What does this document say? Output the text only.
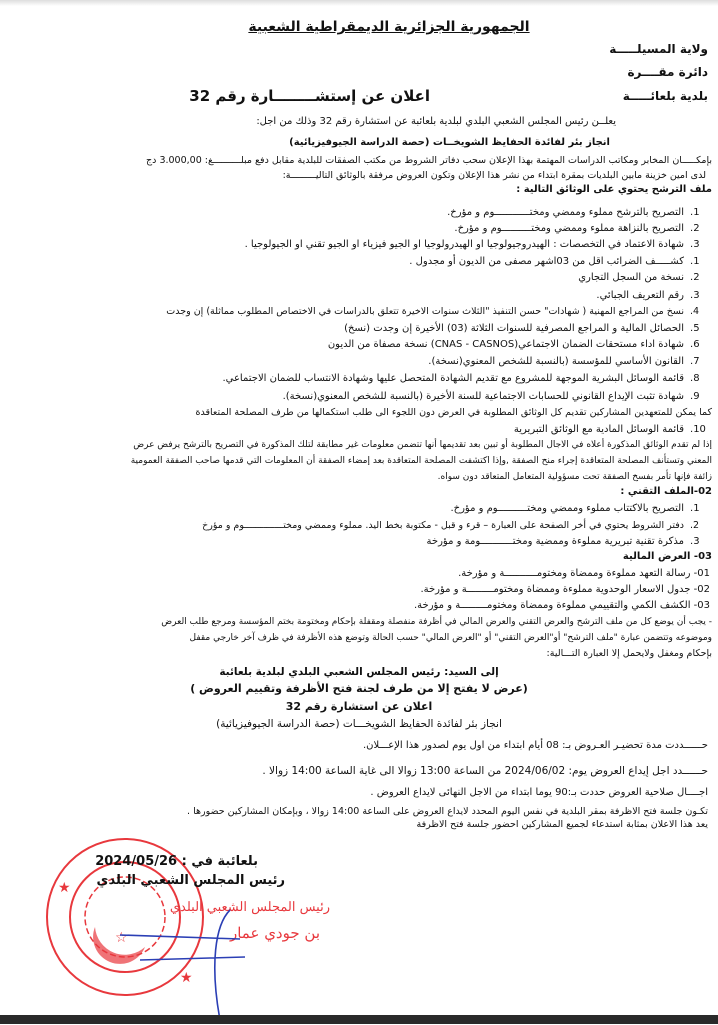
الجمهورية الجزائرية الديمقراطية الشعبية
ولاية المسيلـــــة
دائرة مقــــرة
بلدية بلعائـــــة
اعلان عن إستشــــــــارة رقم 32
يعلــن رئيس المجلس الشعبي البلدي لبلدية بلعائبة عن استشارة رقم 32 وذلك من اجل:
انجاز بئر لفائدة الحفايظ الشويخــات (حصة الدراسة الجيوفيزيائية)
بإمكـــــان المخابر ومكاتب الدراسات المهتمة بهذا الإعلان سحب دفاتر الشروط من مكتب الصفقات للبلدية مقابل دفع مبلــــــــــغ: 3.000,00 دج
لدى امين خزينة مابين البلديات بمقرة ابتداء من نشر هذا الإعلان وتكون العروض مرفقة بالوثائق التاليـــــــــة:
ملف الترشح يحتوي على الوثائق التالية :
1.التصريح بالترشح مملوء وممضي ومختــــــــــــوم و مؤرخ.
2.التصريح بالنزاهة مملوء وممضي ومختــــــــــوم و مؤرخ.
3.شهادة الاعتماد في التخصصات : الهيدروجيولوجيا او الهيدرولوجيا او الجيو فيزياء او الجيو تقني او الجيولوجيا .
1.كشـــــف الضرائب اقل من 03اشهر مصفى من الديون أو مجدول .
2.نسخة من السجل التجاري
3.رقم التعريف الجبائي.
4.نسخ من المراجع المهنية ( شهادات" حسن التنفيذ "الثلاث سنوات الاخيرة تتعلق بالدراسات في الاختصاص المطلوب مماثلة) إن وجدت
5.الحصائل المالية و المراجع المصرفية للسنوات الثلاثة (03) الأخيرة إن وجدت (نسخ)
6.شهادة اداء مستحقات الضمان الاجتماعي(CNAS - CASNOS) نسخة مصفاة من الديون
7.القانون الأساسي للمؤسسة (بالنسبة للشخص المعنوي(نسخة).
8.قائمة الوسائل البشرية الموجهة للمشروع مع تقديم الشهادة المتحصل عليها وشهادة الانتساب للضمان الاجتماعي.
9.شهادة تثبت الإيداع القانوني للحسابات الاجتماعية للسنة الأخيرة (بالنسبة للشخص المعنوي(نسخة).
كما يمكن للمتعهدين المشاركين تقديم كل الوثائق المطلوبة في العرض دون اللجوء الى طلب استكمالها من طرف المصلحة المتعاقدة
10.قائمة الوسائل المادية مع الوثائق التبريرية
إذا لم تقدم الوثائق المذكورة أعلاه في الاجال المطلوبة أو تبين بعد تقديمها أنها تتضمن معلومات غير مطابقة لتلك المذكورة في التصريح بالترشح يرفض عرض
المعني وتستأنف المصلحة المتعاقدة إجراء منح الصفقة ,وإذا اكتشفت المصلحة المتعاقدة بعد إمضاء الصفقة أن المعلومات التي قدمها صاحب الصفقة العمومية
زائفة فإنها تأمر بفسخ الصفقة تحت مسؤولية المتعامل المتعاقد دون سواه.
02-الملف التقني :
1.التصريح بالاكتتاب مملوء وممضي ومختــــــــــوم و مؤرخ.
2.دفتر الشروط يحتوي في أخر الصفحة على العبارة – قرء و قبل - مكتوبة بخط اليد. مملوء وممضي ومختــــــــــــــوم و مؤرخ
3.مذكرة تقنية تبريرية مملوءة وممضية ومختـــــــــــومة و مؤرخة
03- العرض المالية
01- رسالة التعهد مملوءة وممضاة ومختومـــــــــــة و مؤرخة.
02- جدول الاسعار الوحدوية مملوءة وممضاة ومختومـــــــــة و مؤرخة.
03- الكشف الكمي والتقييمي مملوءة وممضاة ومختومـــــــــة و مؤرخة.
- يجب أن يوضع كل من ملف الترشح والعرض التقني والعرض المالي في أظرفة منفصلة ومقفلة بإحكام ومختومة بختم المؤسسة ومرجع طلب العرض
وموضوعه وتتضمن عبارة "ملف الترشح" أو"العرض التقني" أو "العرض المالي" حسب الحالة وتوضع هذه الأظرفة في ظرف آخر خارجي مقفل
بإحكام ومغفل ولايحمل إلا العبارة التـــالية:
إلى السيد: رئيس المجلس الشعبي البلدي لبلدية بلعائبة
(عرض لا يفتح إلا من طرف لجنة فتح الأظرفة وتقييم العروض )
اعلان عن استشارة رقم 32
انجاز بئر لفائدة الحفايظ الشويخـــات (حصة الدراسة الجيوفيزيائية)
حــــــددت مدة تحضيـر العـروض بـ: 08 أيام ابتداء من اول يوم لصدور هذا الإعـــلان.
حــــــدد اجل إيداع العروض يوم: 2024/06/02 من الساعة 13:00 زوالا الى غاية الساعة 14:00 زوالا .
اجــــال صلاحية العروض حددت بـ:90 يوما ابتداء من الاجل النهائى لايداع العروض .
تكـون جلسة فتح الاظرفة بمقر البلدية في نفس اليوم المحدد لايداع العروض على الساعة 14:00 زوالا ، وبإمكان المشاركين حضورها .
يعد هذا الاعلان بمثابة استدعاء لجميع المشاركين احضور جلسة فتح الاظرفة
★
★
☆
بلعائبة في : 2024/05/26
رئيس المجلس الشعبي البلدي
رئيس المجلس الشعبي البلدي
بن جودي عمار
